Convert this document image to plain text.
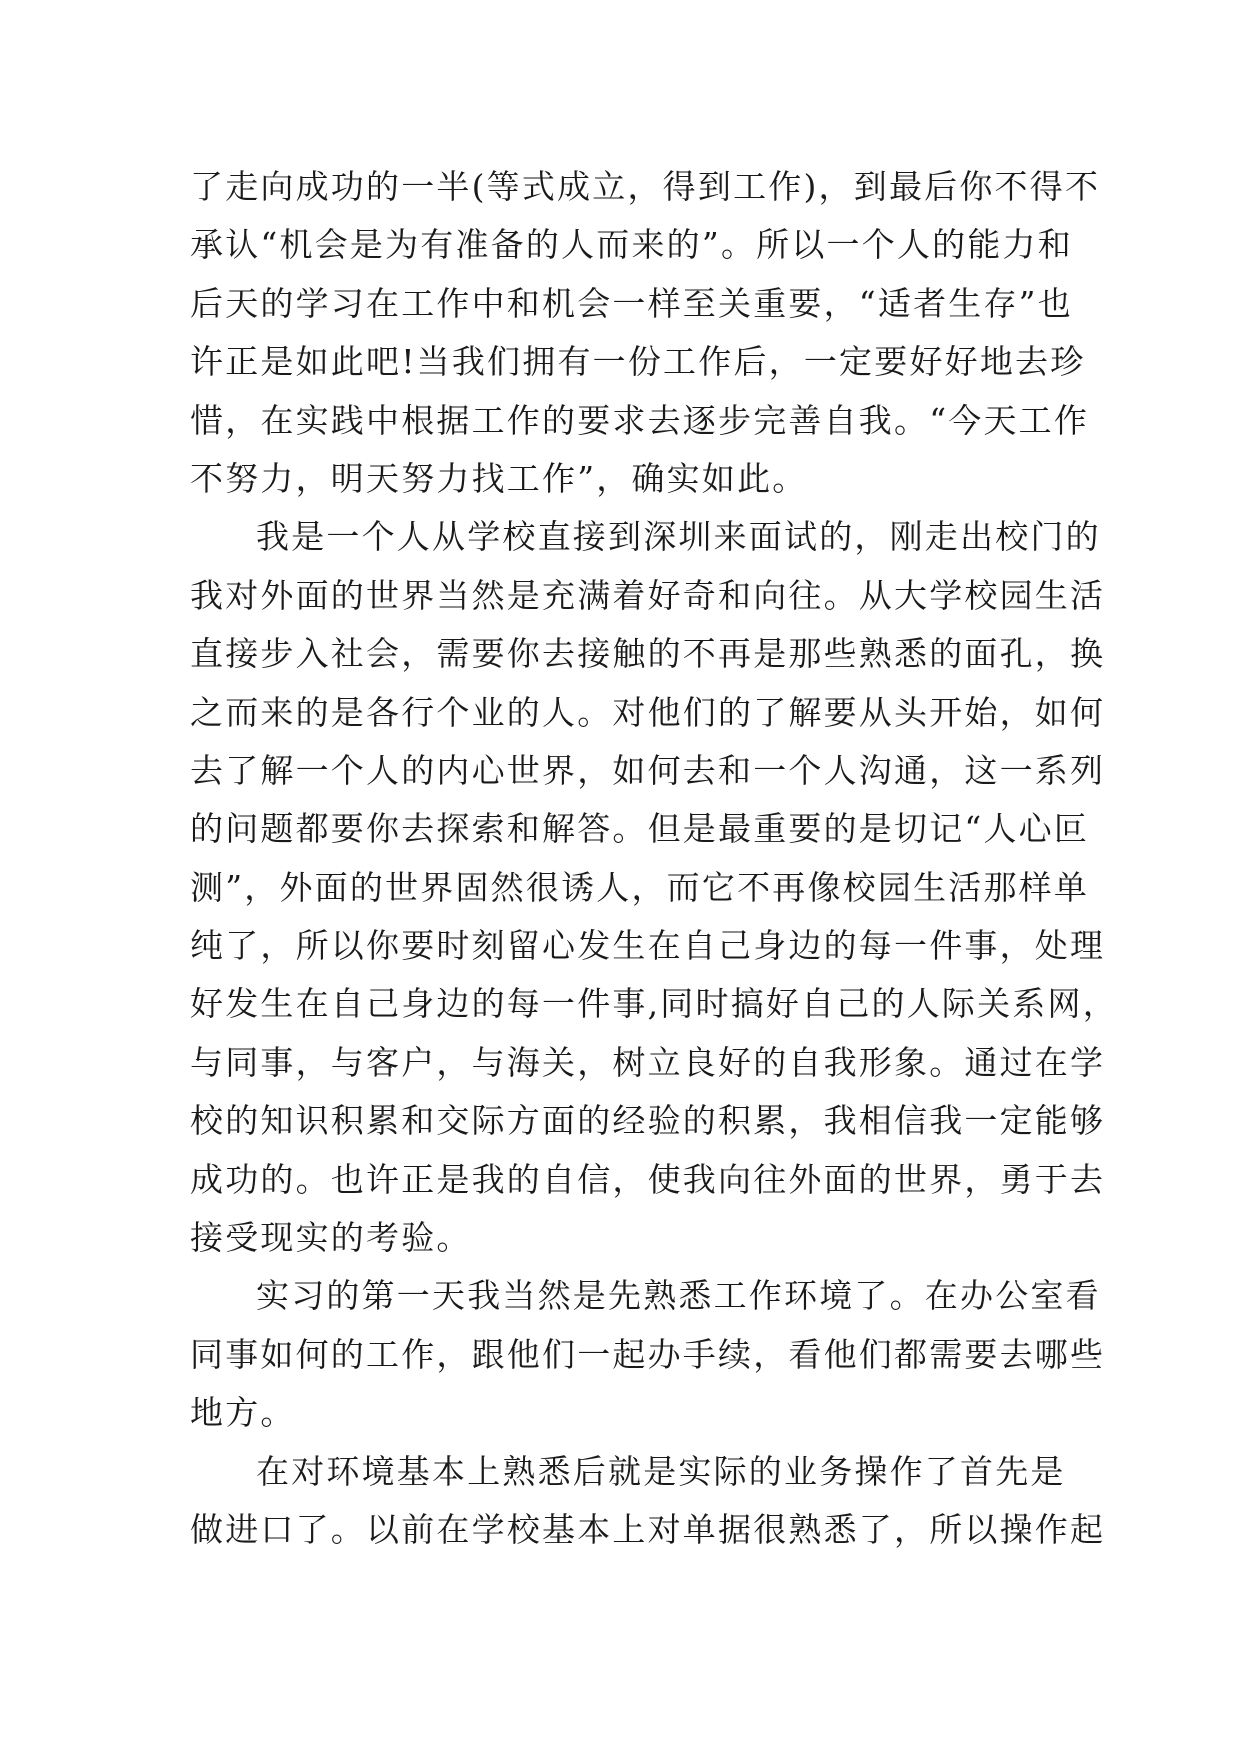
了走向成功的一半(等式成立，得到工作)，到最后你不得不
承认“机会是为有准备的人而来的”。所以一个人的能力和
后天的学习在工作中和机会一样至关重要，“适者生存”也
许正是如此吧!当我们拥有一份工作后，一定要好好地去珍
惜，在实践中根据工作的要求去逐步完善自我。“今天工作
不努力，明天努力找工作”，确实如此。
我是一个人从学校直接到深圳来面试的，刚走出校门的
我对外面的世界当然是充满着好奇和向往。从大学校园生活
直接步入社会，需要你去接触的不再是那些熟悉的面孔，换
之而来的是各行个业的人。对他们的了解要从头开始，如何
去了解一个人的内心世界，如何去和一个人沟通，这一系列
的问题都要你去探索和解答。但是最重要的是切记“人心叵
测”，外面的世界固然很诱人，而它不再像校园生活那样单
纯了，所以你要时刻留心发生在自己身边的每一件事，处理
好发生在自己身边的每一件事,同时搞好自己的人际关系网，
与同事，与客户，与海关，树立良好的自我形象。通过在学
校的知识积累和交际方面的经验的积累，我相信我一定能够
成功的。也许正是我的自信，使我向往外面的世界，勇于去
接受现实的考验。
实习的第一天我当然是先熟悉工作环境了。在办公室看
同事如何的工作，跟他们一起办手续，看他们都需要去哪些
地方。
在对环境基本上熟悉后就是实际的业务操作了首先是
做进口了。以前在学校基本上对单据很熟悉了，所以操作起
